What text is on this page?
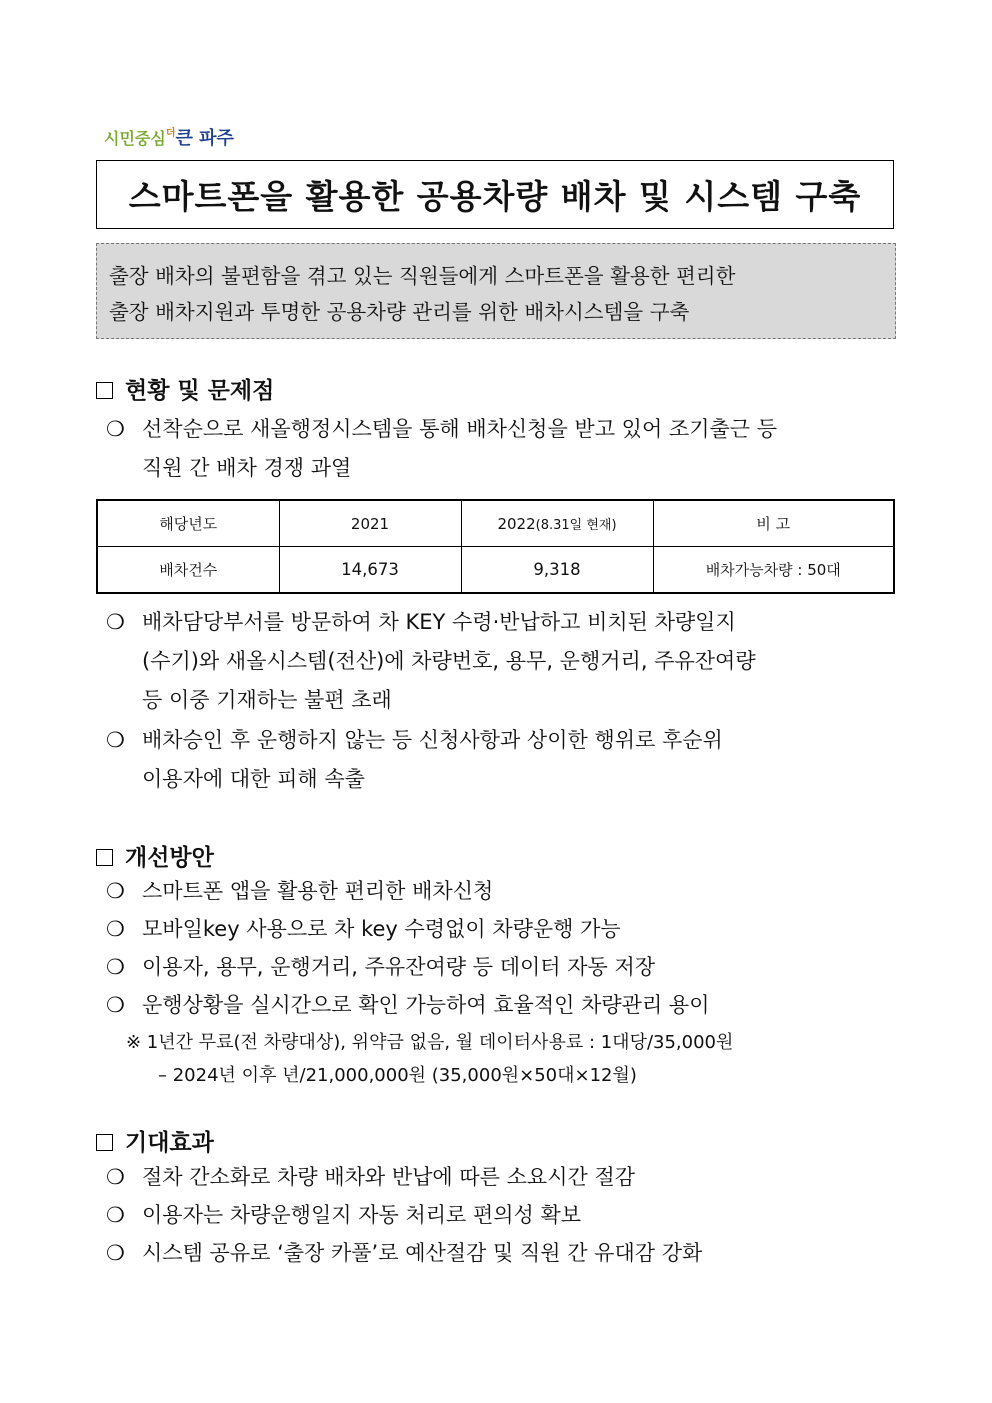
시민중심$^더$큰 파주
스마트폰을 활용한 공용차량 배차 및 시스템 구축

출장 배차의 불편함을 겪고 있는 직원들에게 스마트폰을 활용한 편리한

출장 배차지원과 투명한 공용차량 관리를 위한 배차시스템을 구축

현황 및 문제점
❍ 선착순으로 새올행정시스템을 통해 배차신청을 받고 있어 조기출근 등
직원 간 배차 경쟁 과열
해당년도	2021	2022(8.31일 현재)	비 고
배차건수	14,673	9,318	배차가능차량 : 50대
❍ 배차담당부서를 방문하여 차 KEY 수령·반납하고 비치된 차량일지
(수기)와 새올시스템(전산)에 차량번호, 용무, 운행거리, 주유잔여량
등 이중 기재하는 불편 초래
❍ 배차승인 후 운행하지 않는 등 신청사항과 상이한 행위로 후순위
이용자에 대한 피해 속출
개선방안
❍ 스마트폰 앱을 활용한 편리한 배차신청
❍ 모바일key 사용으로 차 key 수령없이 차량운행 가능
❍ 이용자, 용무, 운행거리, 주유잔여량 등 데이터 자동 저장
❍ 운행상황을 실시간으로 확인 가능하여 효율적인 차량관리 용이
※ 1년간 무료(전 차량대상), 위약금 없음, 월 데이터사용료 : 1대당/35,000원
– 2024년 이후 년/21,000,000원 (35,000원×50대×12월)
기대효과
❍ 절차 간소화로 차량 배차와 반납에 따른 소요시간 절감
❍ 이용자는 차량운행일지 자동 처리로 편의성 확보
❍ 시스템 공유로 ‘출장 카풀’로 예산절감 및 직원 간 유대감 강화
